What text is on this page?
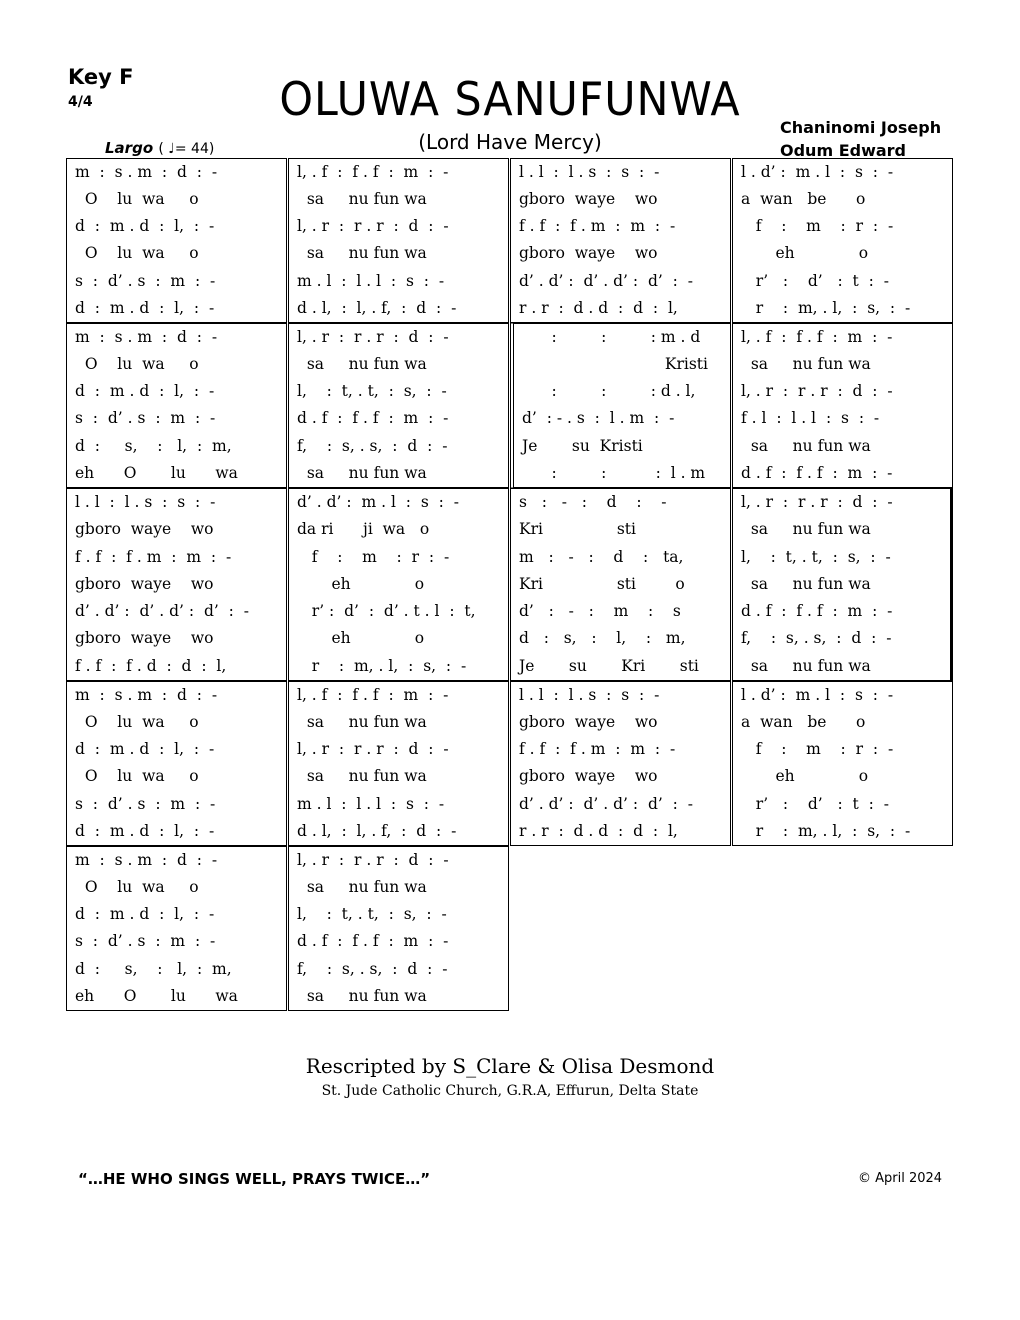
Key F
4/4	OLUWA SANUFUNWA
(Lord Have Mercy)
Chaninomi Joseph
Odum Edward
Largo ( ♩= 44)
m  :  s . m  :  d  :  -
O    lu  wa     o
d  :  m . d  :  l,  :  -
O    lu  wa     o
s  :  d’ . s  :  m  :  -
d  :  m . d  :  l,  :  -
l, . f  :  f . f  :  m  :  -
sa     nu fun wa
l, . r  :  r . r  :  d  :  -
sa     nu fun wa
m . l  :  l . l  :  s  :  -
d . l,  :  l, . f,  :  d  :  -
l . l  :  l . s  :  s  :  -
gboro  waye    wo
f . f  :  f . m  :  m  :  -
gboro  waye    wo
d’ . d’ :  d’ . d’ :  d’  :  -
r . r  :  d . d  :  d  :  l,
l . d’ :  m . l  :  s  :  -
a  wan   be      o
f    :    m    :  r  :  -
eh             o
r’   :    d’   :  t  :  -
r    :  m, . l,  :  s,  :  -
m  :  s . m  :  d  :  -
O    lu  wa     o
d  :  m . d  :  l,  :  -
s  :  d’ . s  :  m  :  -
d  :     s,    :   l,  :  m,
eh      O       lu      wa
l, . r  :  r . r  :  d  :  -
sa     nu fun wa
l,    :  t, . t,  :  s,  :  -
d . f  :  f . f  :  m  :  -
f,    :  s, . s,  :  d  :  -
sa     nu fun wa
:         :         : m . d
Kristi
:         :         : d . l,
d’  : - . s  :  l . m  :  -
Je       su  Kristi
:         :          :  l . m
l, . f  :  f . f  :  m  :  -
sa     nu fun wa
l, . r  :  r . r  :  d  :  -
f . l  :  l . l  :  s  :  -
sa     nu fun wa
d . f  :  f . f  :  m  :  -
l . l  :  l . s  :  s  :  -
gboro  waye    wo
f . f  :  f . m  :  m  :  -
gboro  waye    wo
d’ . d’ :  d’ . d’ :  d’  :  -
gboro  waye    wo
f . f  :  f . d  :  d  :  l,
d’ . d’ :  m . l  :  s  :  -
da ri      ji  wa   o
f    :    m    :  r  :  -
eh             o
r’ :  d’  :  d’ . t . l  :  t,
eh             o
r    :  m, . l,  :  s,  :  -
s   :   -   :    d    :    -
Kri               sti
m   :   -   :    d    :   ta,
Kri               sti        o
d’   :   -   :    m    :    s
d   :   s,   :    l,    :   m,
Je       su       Kri       sti
l, . r  :  r . r  :  d  :  -
sa     nu fun wa
l,    :  t, . t,  :  s,  :  -
sa     nu fun wa
d . f  :  f . f  :  m  :  -
f,    :  s, . s,  :  d  :  -
sa     nu fun wa
m  :  s . m  :  d  :  -
O    lu  wa     o
d  :  m . d  :  l,  :  -
O    lu  wa     o
s  :  d’ . s  :  m  :  -
d  :  m . d  :  l,  :  -
l, . f  :  f . f  :  m  :  -
sa     nu fun wa
l, . r  :  r . r  :  d  :  -
sa     nu fun wa
m . l  :  l . l  :  s  :  -
d . l,  :  l, . f,  :  d  :  -
l . l  :  l . s  :  s  :  -
gboro  waye    wo
f . f  :  f . m  :  m  :  -
gboro  waye    wo
d’ . d’ :  d’ . d’ :  d’  :  -
r . r  :  d . d  :  d  :  l,
l . d’ :  m . l  :  s  :  -
a  wan   be      o
f    :    m    :  r  :  -
eh             o
r’   :    d’   :  t  :  -
r    :  m, . l,  :  s,  :  -
m  :  s . m  :  d  :  -
O    lu  wa     o
d  :  m . d  :  l,  :  -
s  :  d’ . s  :  m  :  -
d  :     s,    :   l,  :  m,
eh      O       lu      wa
l, . r  :  r . r  :  d  :  -
sa     nu fun wa
l,    :  t, . t,  :  s,  :  -
d . f  :  f . f  :  m  :  -
f,    :  s, . s,  :  d  :  -
sa     nu fun wa
Rescripted by S_Clare & Olisa Desmond
St. Jude Catholic Church, G.R.A, Effurun, Delta State
“…HE WHO SINGS WELL, PRAYS TWICE…”	© April 2024
